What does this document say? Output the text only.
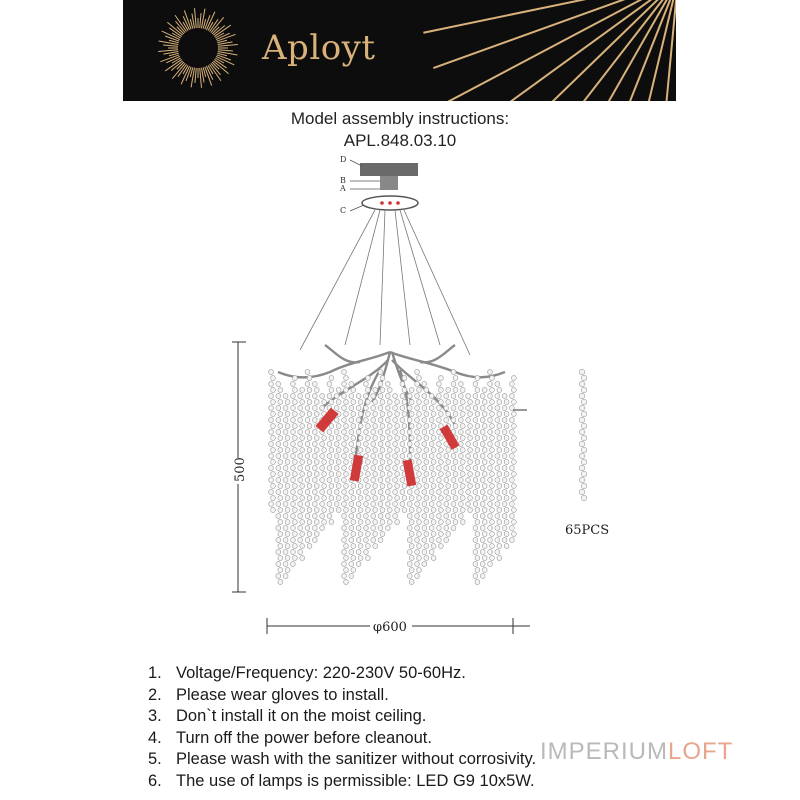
Aployt
Model assembly instructions:
APL.848.03.10
D
B
A
C
500
φ600
65PCS
1. Voltage/Frequency: 220-230V 50-60Hz.
2. Please wear gloves to install.
3. Don`t install it on the moist ceiling.
4. Turn off the power before cleanout.
5. Please wash with the sanitizer without corrosivity.
6. The use of lamps is permissible: LED G9 10x5W.
IMPERIUMLOFT
